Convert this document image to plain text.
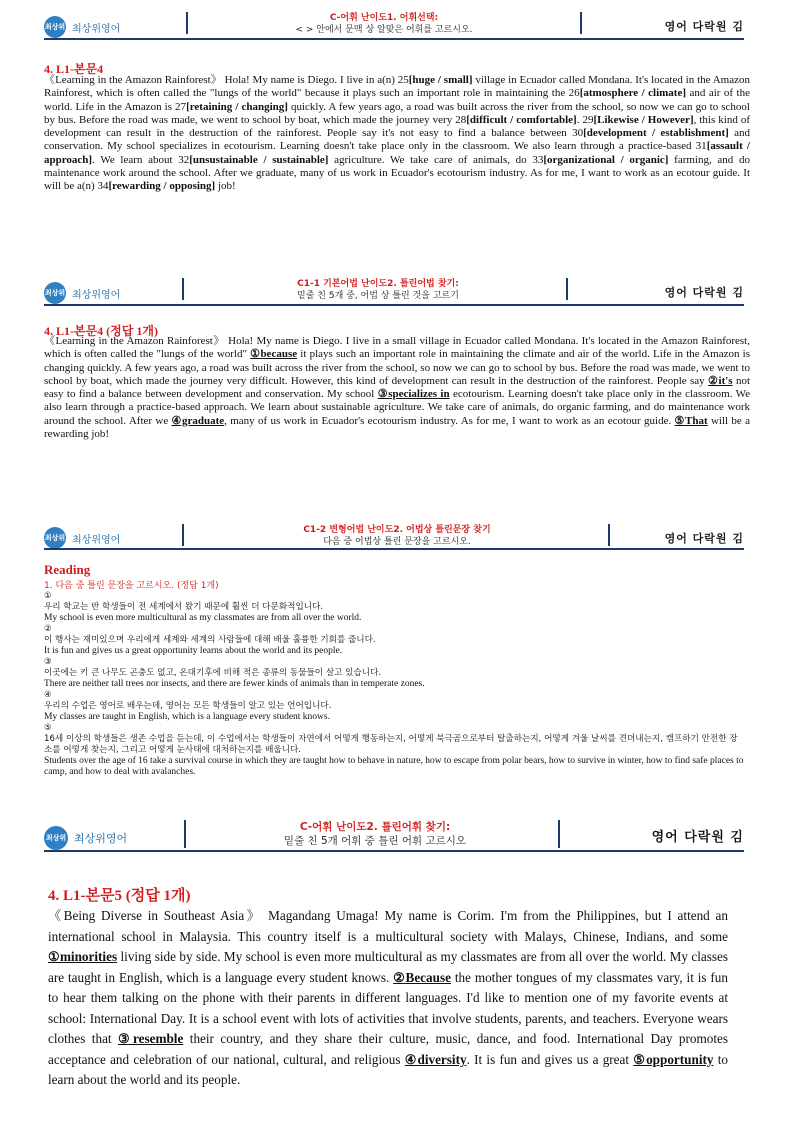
최상위 최상위영어
C-어휘 난이도1. 어휘선택:
< > 안에서 문맥 상 알맞은 어휘를 고르시오.	영어 다락원 김
4. L1-본문4
《Learning in the Amazon Rainforest》 Hola! My name is Diego. I live in a(n) 25[huge / small] village in Ecuador called Mondana. It's located in the Amazon Rainforest, which is often called the "lungs of the world" because it plays such an important role in maintaining the 26[atmosphere / climate] and air of the world. Life in the Amazon is 27[retaining / changing] quickly. A few years ago, a road was built across the river from the school, so now we can go to school by bus. Before the road was made, we went to school by boat, which made the journey very 28[difficult / comfortable]. 29[Likewise / However], this kind of development can result in the destruction of the rainforest. People say it's not easy to find a balance between 30[development / establishment] and conservation. My school specializes in ecotourism. Learning doesn't take place only in the classroom. We also learn through a practice-based 31[assault / approach]. We learn about 32[unsustainable / sustainable] agriculture. We take care of animals, do 33[organizational / organic] farming, and do maintenance work around the school. After we graduate, many of us work in Ecuador's ecotourism industry. As for me, I want to work as an ecotour guide. It will be a(n) 34[rewarding / opposing] job!
최상위 최상위영어
C1-1 기본어법 난이도2. 틀린어법 찾기:
밑줄 친 5개 중, 어법 상 틀린 것을 고르기	영어 다락원 김
4. L1-본문4 (정답 1개)
《Learning in the Amazon Rainforest》 Hola! My name is Diego. I live in a small village in Ecuador called Mondana. It's located in the Amazon Rainforest, which is often called the "lungs of the world" ①because it plays such an important role in maintaining the climate and air of the world. Life in the Amazon is changing quickly. A few years ago, a road was built across the river from the school, so now we can go to school by bus. Before the road was made, we went to school by boat, which made the journey very difficult. However, this kind of development can result in the destruction of the rainforest. People say ②it's not easy to find a balance between development and conservation. My school ③specializes in ecotourism. Learning doesn't take place only in the classroom. We also learn through a practice-based approach. We learn about sustainable agriculture. We take care of animals, do organic farming, and do maintenance work around the school. After we ④graduate, many of us work in Ecuador's ecotourism industry. As for me, I want to work as an ecotour guide. ⑤That will be a rewarding job!
최상위 최상위영어
C1-2 변형어법 난이도2. 어법상 틀린문장 찾기
다음 중 어법상 틀린 문장을 고르시오.	영어 다락원 김
Reading
1. 다음 중 틀린 문장을 고르시오. (정답 1개)
①
우리 학교는 반 학생들이 전 세계에서 왔기 때문에 훨씬 더 다문화적입니다.
My school is even more multicultural as my classmates are from all over the world.
②
이 행사는 재미있으며 우리에게 세계와 세계의 사람들에 대해 배울 훌륭한 기회를 줍니다.
It is fun and gives us a great opportunity learns about the world and its people.
③
이곳에는 키 큰 나무도 곤충도 없고, 온대기후에 비해 적은 종류의 동물들이 살고 있습니다.
There are neither tall trees nor insects, and there are fewer kinds of animals than in temperate zones.
④
우리의 수업은 영어로 배우는데, 영어는 모든 학생들이 알고 있는 언어입니다.
My classes are taught in English, which is a language every student knows.
⑤
16세 이상의 학생들은 생존 수업을 듣는데, 이 수업에서는 학생들이 자연에서 어떻게 행동하는지, 어떻게 북극곰으로부터 탈출하는지, 어떻게 겨울 날씨를 견뎌내는지, 캠프하기 안전한 장소를 어떻게 찾는지, 그리고 어떻게 눈사태에 대처하는지를 배웁니다.
Students over the age of 16 take a survival course in which they are taught how to behave in nature, how to escape from polar bears, how to survive in winter, how to find safe places to camp, and how to deal with avalanches.
최상위 최상위영어
C-어휘 난이도2. 틀린어휘 찾기:
밑줄 친 5개 어휘 중 틀린 어휘 고르시오	영어 다락원 김
4. L1-본문5 (정답 1개)
《Being Diverse in Southeast Asia》 Magandang Umaga! My name is Corim. I'm from the Philippines, but I attend an international school in Malaysia. This country itself is a multicultural society with Malays, Chinese, Indians, and some ①minorities living side by side. My school is even more multicultural as my classmates are from all over the world. My classes are taught in English, which is a language every student knows. ②Because the mother tongues of my classmates vary, it is fun to hear them talking on the phone with their parents in different languages. I'd like to mention one of my favorite events at school: International Day. It is a school event with lots of activities that involve students, parents, and teachers. Everyone wears clothes that ③resemble their country, and they share their culture, music, dance, and food. International Day promotes acceptance and celebration of our national, cultural, and religious ④diversity. It is fun and gives us a great ⑤opportunity to learn about the world and its people.
